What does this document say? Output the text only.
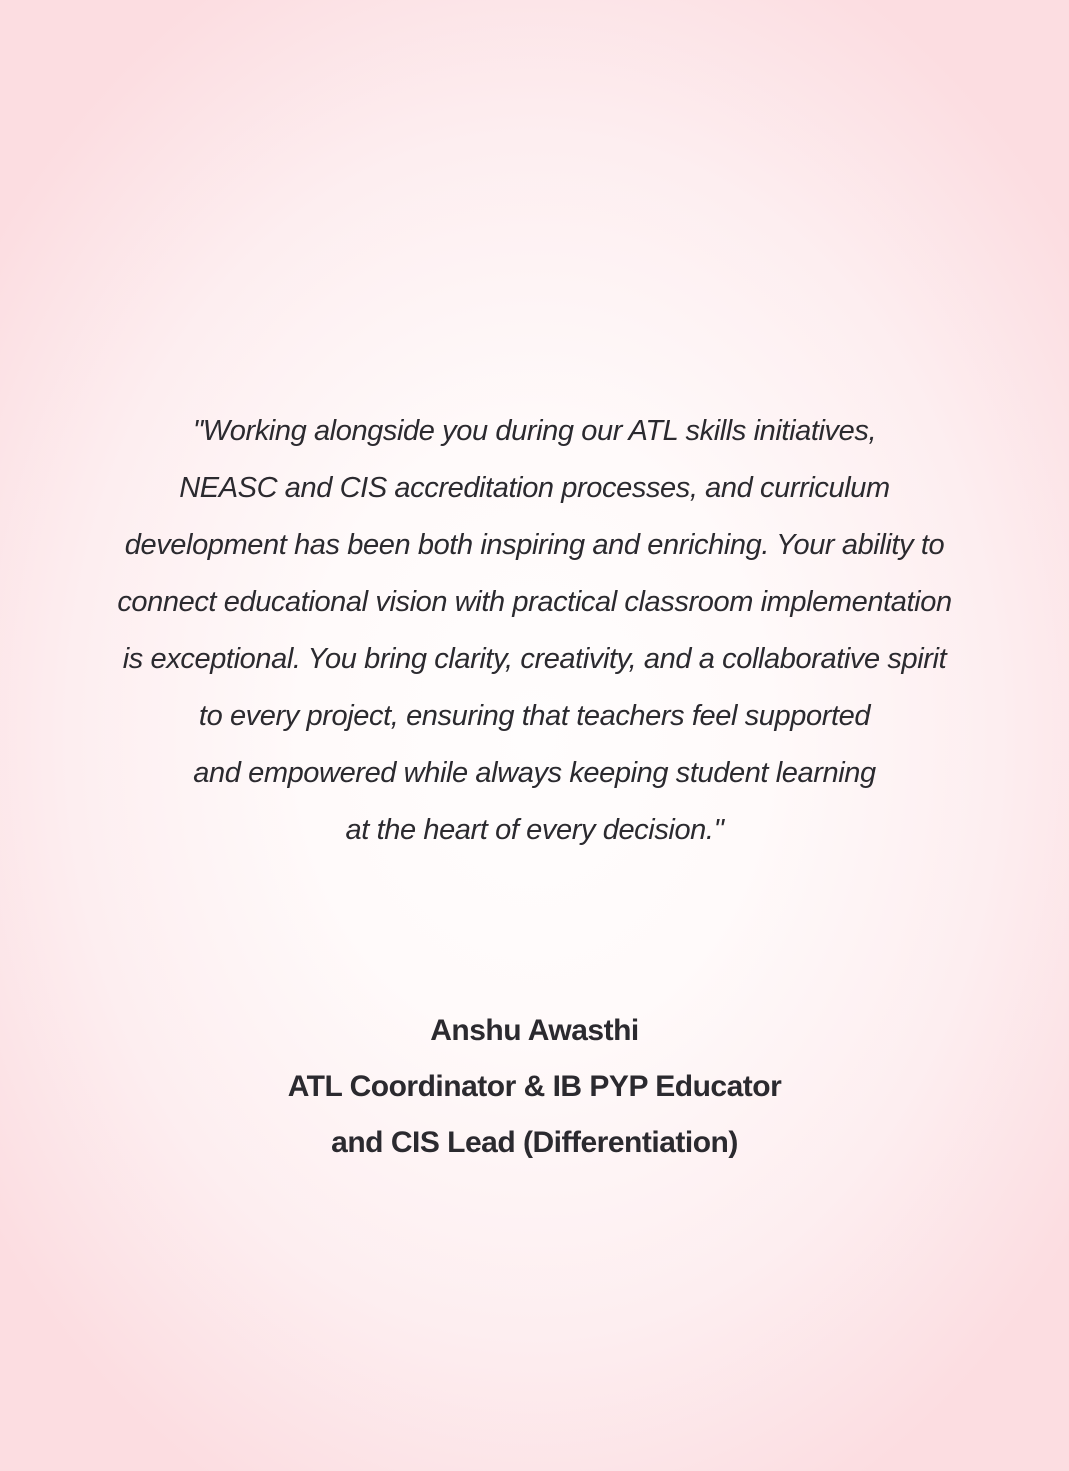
"Working alongside you during our ATL skills initiatives,
NEASC and CIS accreditation processes, and curriculum
development has been both inspiring and enriching. Your ability to
connect educational vision with practical classroom implementation
is exceptional. You bring clarity, creativity, and a collaborative spirit
to every project, ensuring that teachers feel supported
and empowered while always keeping student learning
at the heart of every decision."

Anshu Awasthi
ATL Coordinator & IB PYP Educator
and CIS Lead (Differentiation)
